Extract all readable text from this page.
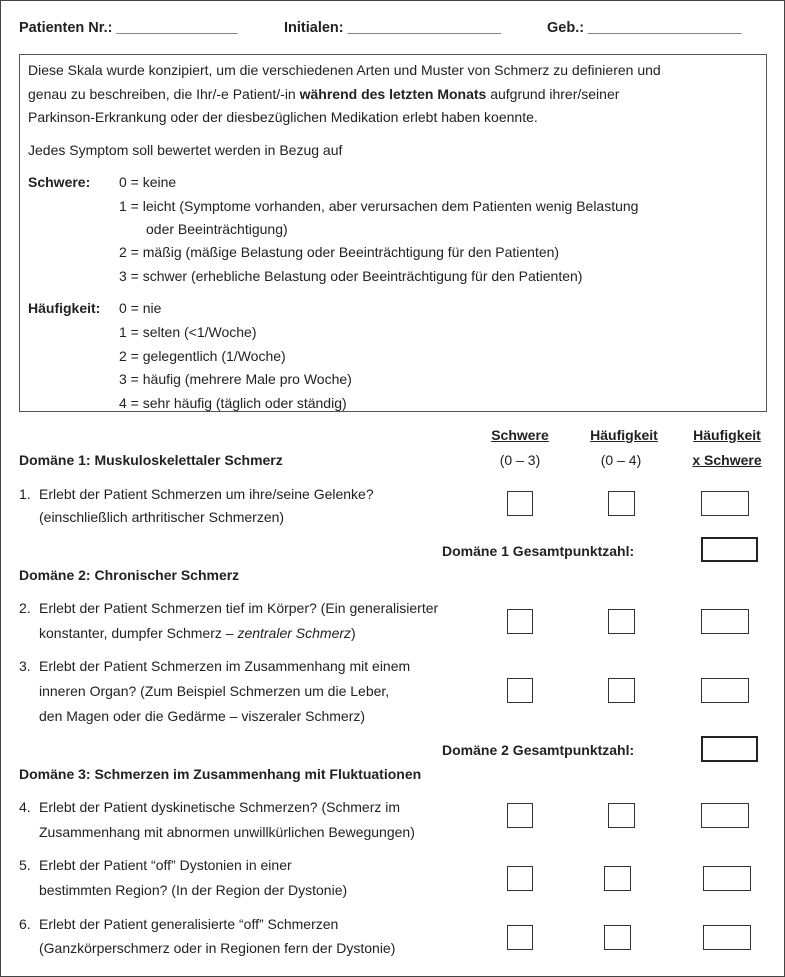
Patienten Nr.: _______________	Initialen: ___________________	Geb.: ___________________
Diese Skala wurde konzipiert, um die verschiedenen Arten und Muster von Schmerz zu definieren und
genau zu beschreiben, die Ihr/-e Patient/-in während des letzten Monats aufgrund ihrer/seiner
Parkinson-Erkrankung oder der diesbezüglichen Medikation erlebt haben koennte.
Jedes Symptom soll bewertet werden in Bezug auf
Schwere: 0 = keine
1 = leicht (Symptome vorhanden, aber verursachen dem Patienten wenig Belastung
oder Beeinträchtigung)
2 = mäßig (mäßige Belastung oder Beeinträchtigung für den Patienten)
3 = schwer (erhebliche Belastung oder Beeinträchtigung für den Patienten)
Häufigkeit: 0 = nie
1 = selten (<1/Woche)
2 = gelegentlich (1/Woche)
3 = häufig (mehrere Male pro Woche)
4 = sehr häufig (täglich oder ständig)
Schwere
(0 – 3)
Häufigkeit
(0 – 4)
Häufigkeit
x Schwere
Domäne 1: Muskuloskelettaler Schmerz
1. Erlebt der Patient Schmerzen um ihre/seine Gelenke?
(einschließlich arthritischer Schmerzen)
Domäne 1 Gesamtpunktzahl:
Domäne 2: Chronischer Schmerz
2. Erlebt der Patient Schmerzen tief im Körper? (Ein generalisierter
konstanter, dumpfer Schmerz – zentraler Schmerz)
3. Erlebt der Patient Schmerzen im Zusammenhang mit einem
inneren Organ? (Zum Beispiel Schmerzen um die Leber,
den Magen oder die Gedärme – viszeraler Schmerz)
Domäne 2 Gesamtpunktzahl:
Domäne 3: Schmerzen im Zusammenhang mit Fluktuationen
4. Erlebt der Patient dyskinetische Schmerzen? (Schmerz im
Zusammenhang mit abnormen unwillkürlichen Bewegungen)
5. Erlebt der Patient “off” Dystonien in einer
bestimmten Region? (In der Region der Dystonie)
6. Erlebt der Patient generalisierte “off” Schmerzen
(Ganzkörperschmerz oder in Regionen fern der Dystonie)
